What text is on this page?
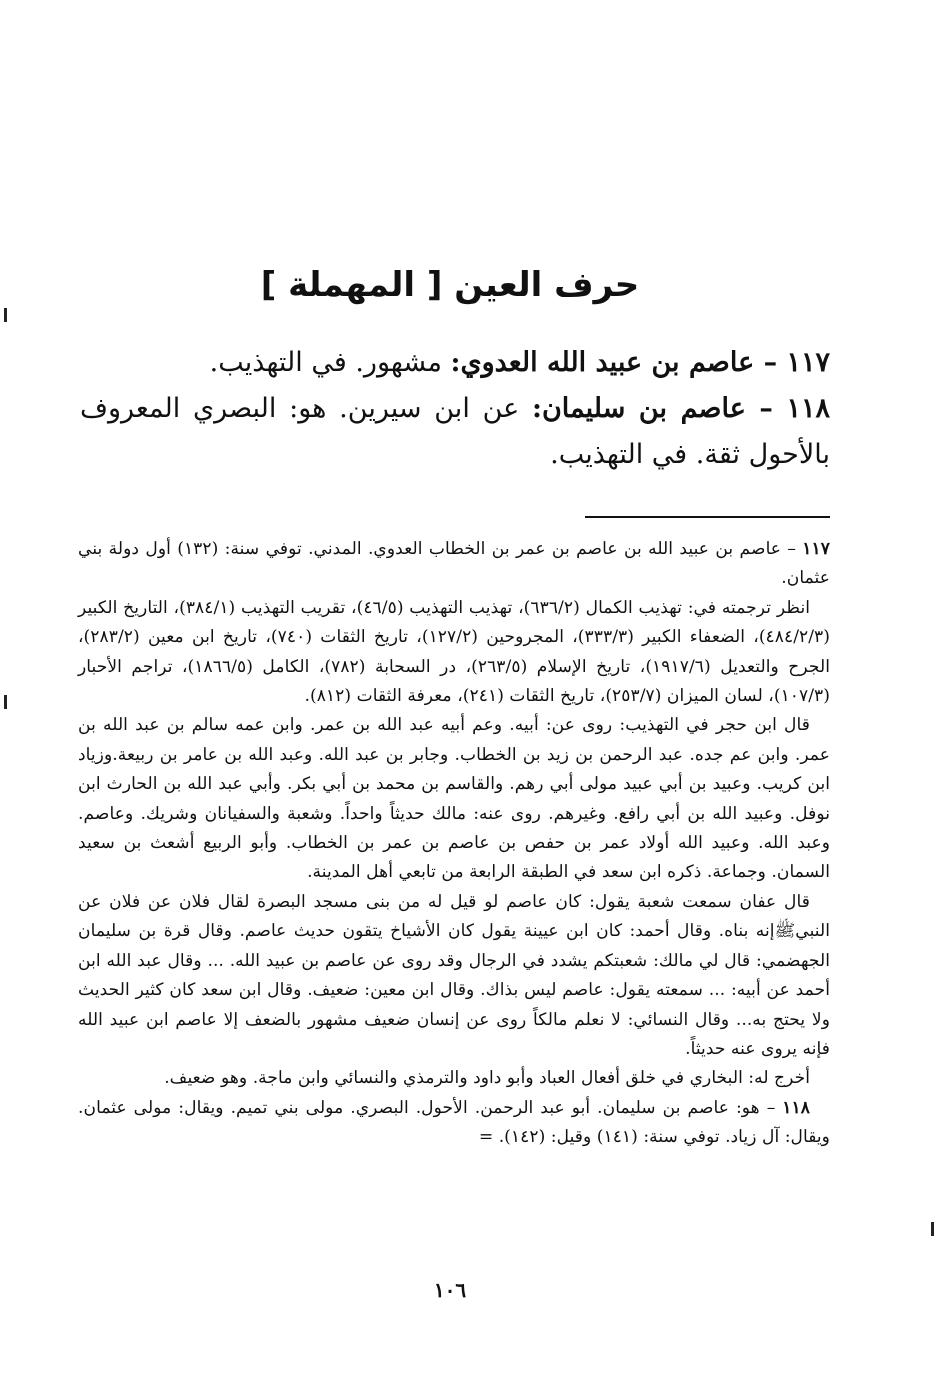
حرف العين [ المهملة ]

١١٧ – عاصم بن عبيد الله العدوي: مشهور. في التهذيب.

١١٨ – عاصم بن سليمان: عن ابن سيرين. هو: البصري المعروف بالأحول ثقة. في التهذيب.

١١٧ – عاصم بن عبيد الله بن عاصم بن عمر بن الخطاب العدوي. المدني. توفي سنة: (١٣٢) أول دولة بني عثمان.

انظر ترجمته في: تهذيب الكمال (٦٣٦/٢)، تهذيب التهذيب (٤٦/٥)، تقريب التهذيب (٣٨٤/١)، التاريخ الكبير (٤٨٤/٢/٣)، الضعفاء الكبير (٣٣٣/٣)، المجروحين (١٢٧/٢)، تاريخ الثقات (٧٤٠)، تاريخ ابن معين (٢٨٣/٢)، الجرح والتعديل (١٩١٧/٦)، تاريخ الإسلام (٢٦٣/٥)، در السحابة (٧٨٢)، الكامل (١٨٦٦/٥)، تراجم الأحبار (١٠٧/٣)، لسان الميزان (٢٥٣/٧)، تاريخ الثقات (٢٤١)، معرفة الثقات (٨١٢).

قال ابن حجر في التهذيب: روى عن: أبيه. وعم أبيه عبد الله بن عمر. وابن عمه سالم بن عبد الله بن عمر. وابن عم جده. عبد الرحمن بن زيد بن الخطاب. وجابر بن عبد الله. وعبد الله بن عامر بن ربيعة.وزياد ابن كريب. وعبيد بن أبي عبيد مولى أبي رهم. والقاسم بن محمد بن أبي بكر. وأبي عبد الله بن الحارث ابن نوفل. وعبيد الله بن أبي رافع. وغيرهم. روى عنه: مالك حديثاً واحداً. وشعبة والسفيانان وشريك. وعاصم. وعبد الله. وعبيد الله أولاد عمر بن حفص بن عاصم بن عمر بن الخطاب. وأبو الربيع أشعث بن سعيد السمان. وجماعة. ذكره ابن سعد في الطبقة الرابعة من تابعي أهل المدينة.

قال عفان سمعت شعبة يقول: كان عاصم لو قيل له من بنى مسجد البصرة لقال فلان عن فلان عن النبيﷺإنه بناه. وقال أحمد: كان ابن عيينة يقول كان الأشياخ يتقون حديث عاصم. وقال قرة بن سليمان الجهضمي: قال لي مالك: شعبتكم يشدد في الرجال وقد روى عن عاصم بن عبيد الله. ... وقال عبد الله ابن أحمد عن أبيه: ... سمعته يقول: عاصم ليس بذاك. وقال ابن معين: ضعيف. وقال ابن سعد كان كثير الحديث ولا يحتج به... وقال النسائي: لا نعلم مالكاً روى عن إنسان ضعيف مشهور بالضعف إلا عاصم ابن عبيد الله فإنه يروى عنه حديثاً.

أخرج له: البخاري في خلق أفعال العباد وأبو داود والترمذي والنسائي وابن ماجة. وهو ضعيف.

١١٨ – هو: عاصم بن سليمان. أبو عبد الرحمن. الأحول. البصري. مولى بني تميم. ويقال: مولى عثمان. ويقال: آل زياد. توفي سنة: (١٤١) وقيل: (١٤٢). =

١٠٦
